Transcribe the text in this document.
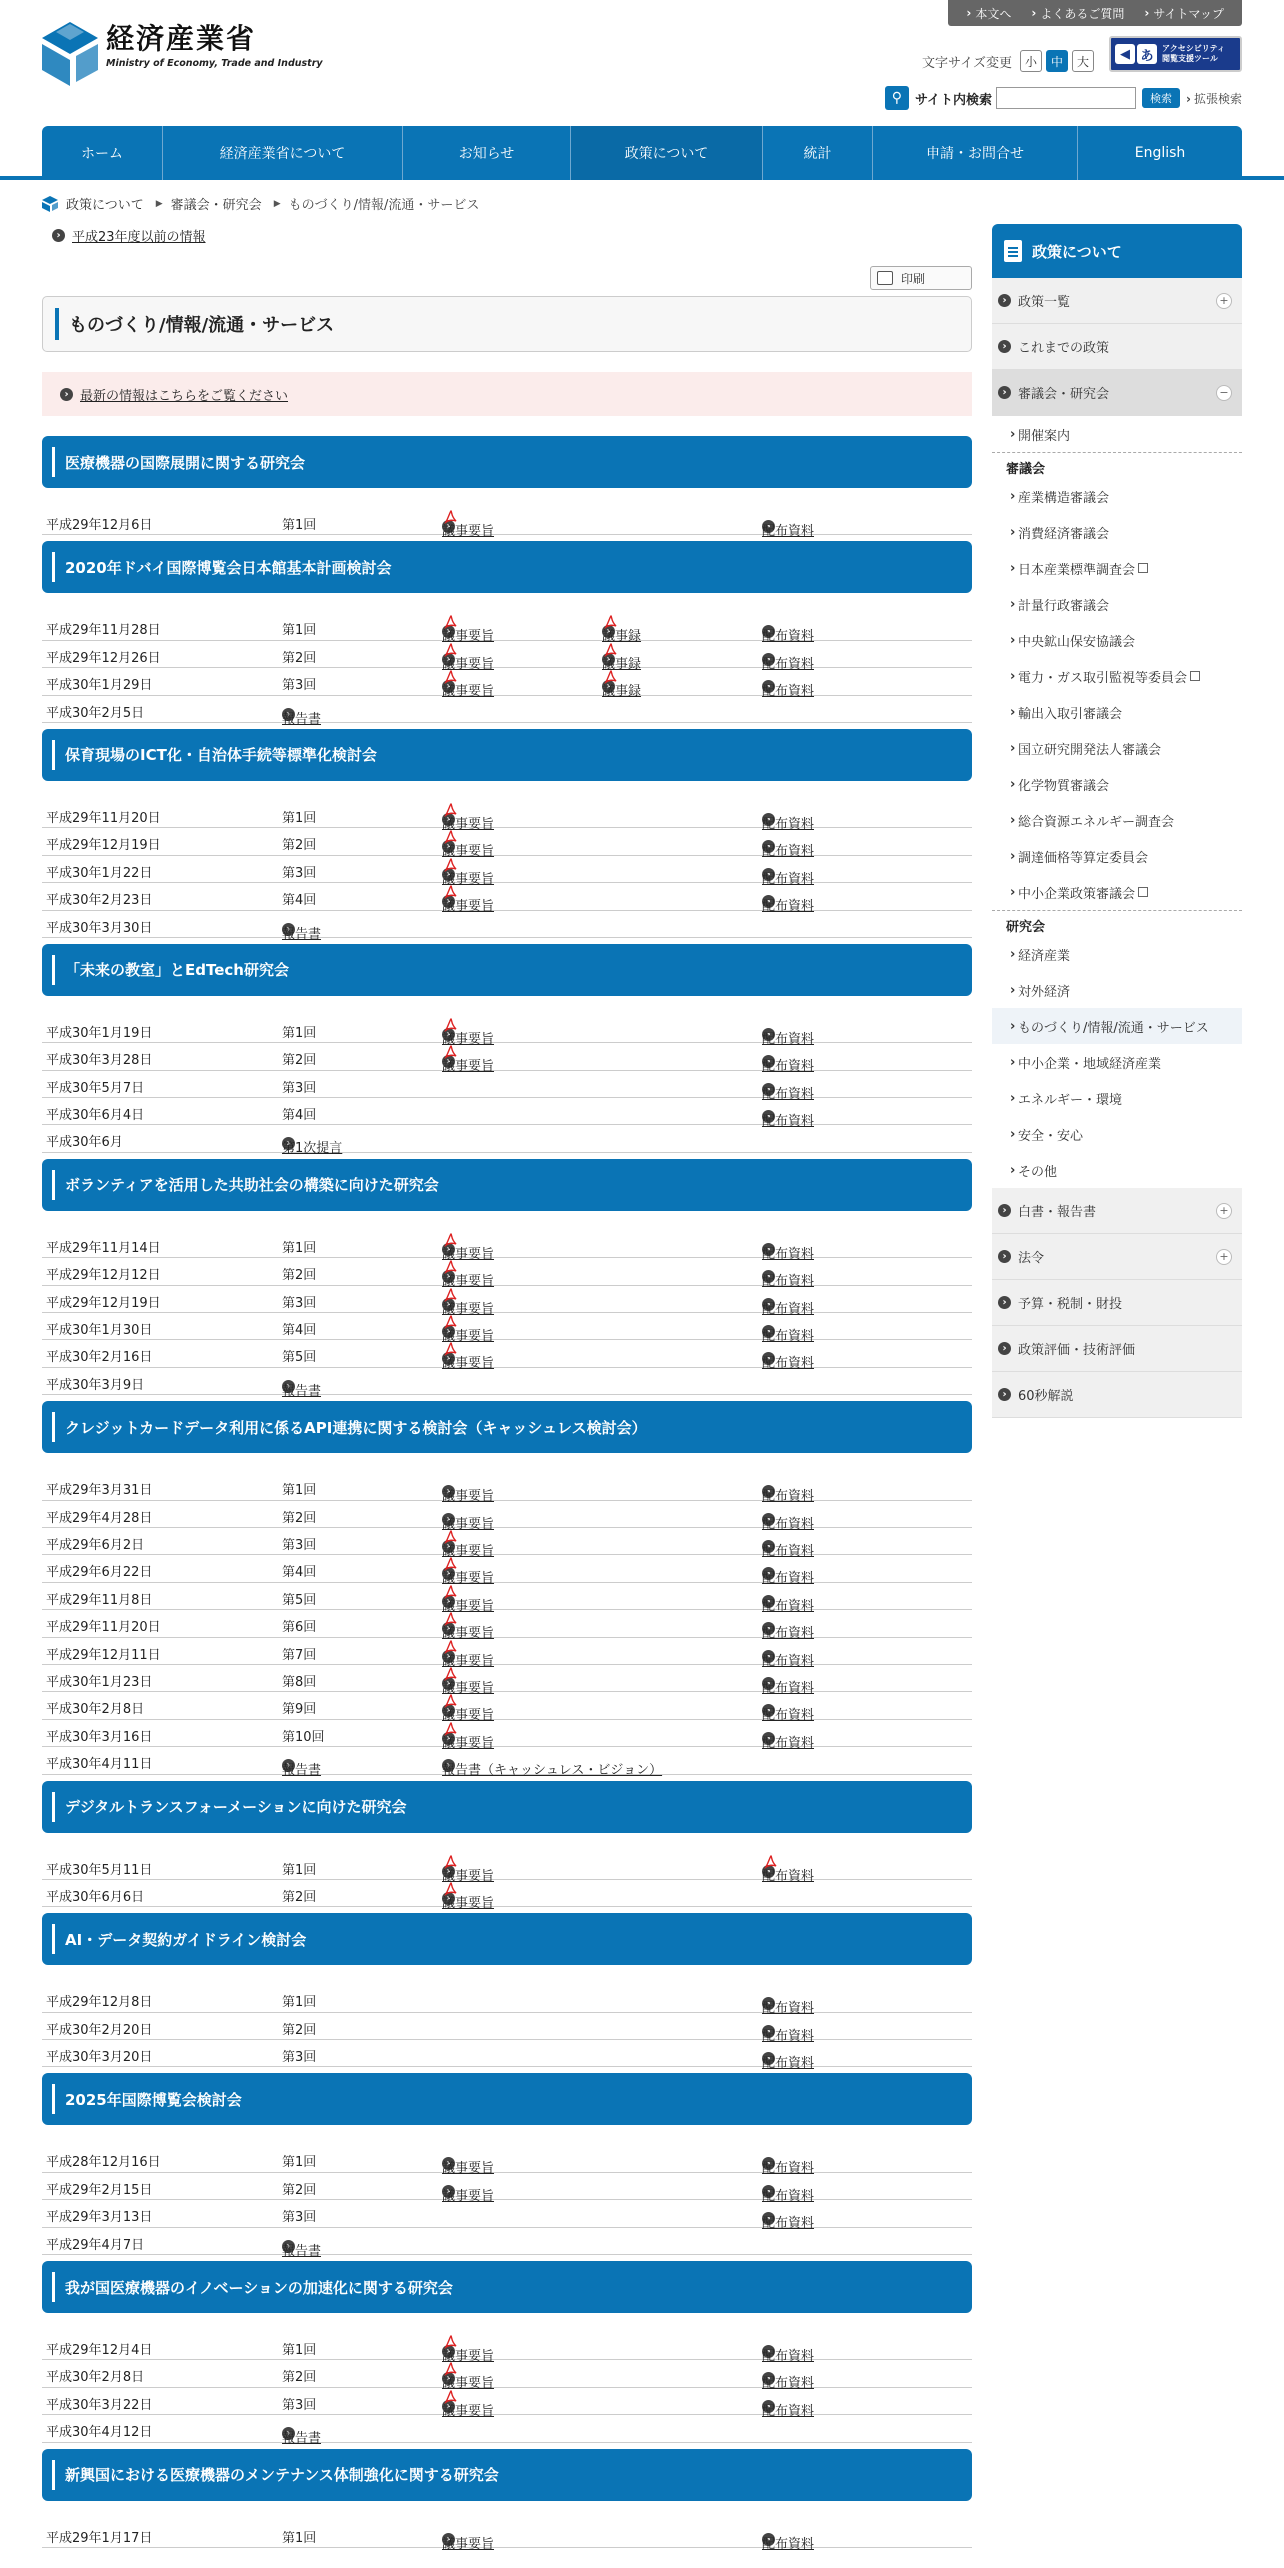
› 本文へ	› よくあるご質問	› サイトマップ
経済産業省
Ministry of Economy, Trade and Industry	文字サイズ変更	小	中	大	◀ あ	アクセシビリティ
閲覧支援ツール
⚲ サイト内検索	検索	› 拡張検索
ホーム	経済産業省について	お知らせ	政策について	統計	申請・お問合せ	English
政策について ▶ 審議会・研究会 ▶ ものづくり/情報/流通・サービス
›
平成23年度以前の情報
印刷
ものづくり/情報/流通・サービス
›
最新の情報はこちらをご覧ください
医療機器の国際展開に関する研究会
平成29年12月6日	第1回 ›	議事要旨 ›	配布資料
2020年ドバイ国際博覧会日本館基本計画検討会
平成29年11月28日	第1回 ›	議事要旨 ›	議事録 ›	配布資料
平成29年12月26日	第2回 ›	議事要旨 ›	議事録 ›	配布資料
平成30年1月29日	第3回 ›	議事要旨 ›	議事録 ›	配布資料
平成30年2月5日 ›	報告書
保育現場のICT化・自治体手続等標準化検討会
平成29年11月20日	第1回 ›	議事要旨 ›	配布資料
平成29年12月19日	第2回 ›	議事要旨 ›	配布資料
平成30年1月22日	第3回 ›	議事要旨 ›	配布資料
平成30年2月23日	第4回 ›	議事要旨 ›	配布資料
平成30年3月30日 ›	報告書
「未来の教室」とEdTech研究会
平成30年1月19日	第1回 ›	議事要旨 ›	配布資料
平成30年3月28日	第2回 ›	議事要旨 ›	配布資料
平成30年5月7日	第3回 ›	配布資料
平成30年6月4日	第4回 ›	配布資料
平成30年6月 ›	第1次提言
ボランティアを活用した共助社会の構築に向けた研究会
平成29年11月14日	第1回 ›	議事要旨 ›	配布資料
平成29年12月12日	第2回 ›	議事要旨 ›	配布資料
平成29年12月19日	第3回 ›	議事要旨 ›	配布資料
平成30年1月30日	第4回 ›	議事要旨 ›	配布資料
平成30年2月16日	第5回 ›	議事要旨 ›	配布資料
平成30年3月9日 ›	報告書
クレジットカードデータ利用に係るAPI連携に関する検討会（キャッシュレス検討会）
平成29年3月31日	第1回 ›	議事要旨 ›	配布資料
平成29年4月28日	第2回 ›	議事要旨 ›	配布資料
平成29年6月2日	第3回 ›	議事要旨 ›	配布資料
平成29年6月22日	第4回 ›	議事要旨 ›	配布資料
平成29年11月8日	第5回 ›	議事要旨 ›	配布資料
平成29年11月20日	第6回 ›	議事要旨 ›	配布資料
平成29年12月11日	第7回 ›	議事要旨 ›	配布資料
平成30年1月23日	第8回 ›	議事要旨 ›	配布資料
平成30年2月8日	第9回 ›	議事要旨 ›	配布資料
平成30年3月16日	第10回 ›	議事要旨 ›	配布資料
平成30年4月11日 ›	報告書 ›	報告書（キャッシュレス・ビジョン）
デジタルトランスフォーメーションに向けた研究会
平成30年5月11日	第1回 ›	議事要旨 ›	配布資料
平成30年6月6日	第2回 ›	議事要旨
AI・データ契約ガイドライン検討会
平成29年12月8日	第1回 ›	配布資料
平成30年2月20日	第2回 ›	配布資料
平成30年3月20日	第3回 ›	配布資料
2025年国際博覧会検討会
平成28年12月16日	第1回 ›	議事要旨 ›	配布資料
平成29年2月15日	第2回 ›	議事要旨 ›	配布資料
平成29年3月13日	第3回 ›	配布資料
平成29年4月7日 ›	報告書
我が国医療機器のイノベーションの加速化に関する研究会
平成29年12月4日	第1回 ›	議事要旨 ›	配布資料
平成30年2月8日	第2回 ›	議事要旨 ›	配布資料
平成30年3月22日	第3回 ›	議事要旨 ›	配布資料
平成30年4月12日 ›	報告書
新興国における医療機器のメンテナンス体制強化に関する研究会
平成29年1月17日	第1回 ›	議事要旨 ›	配布資料
政策について
›
政策一覧	+
›
これまでの政策
›
審議会・研究会	−
› 開催案内
審議会
› 産業構造審議会
› 消費経済審議会
› 日本産業標準調査会
› 計量行政審議会
› 中央鉱山保安協議会
› 電力・ガス取引監視等委員会
› 輸出入取引審議会
› 国立研究開発法人審議会
› 化学物質審議会
› 総合資源エネルギー調査会
› 調達価格等算定委員会
› 中小企業政策審議会
研究会
› 経済産業
› 対外経済
› ものづくり/情報/流通・サービス
› 中小企業・地域経済産業
› エネルギー・環境
› 安全・安心
› その他
›
白書・報告書	+
›
法令	+
›
予算・税制・財投
›
政策評価・技術評価
›
60秒解説
